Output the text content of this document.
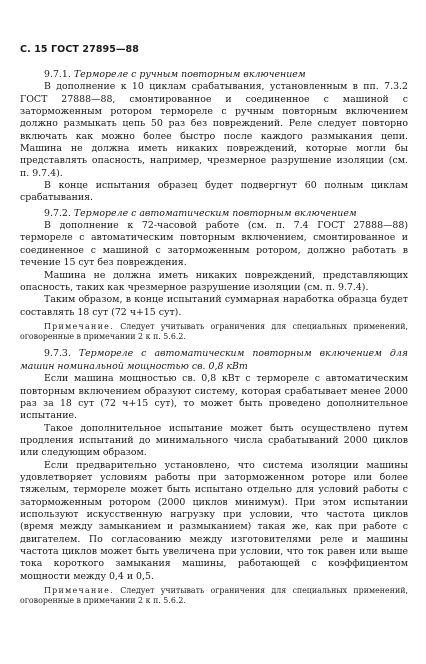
С. 15 ГОСТ 27895—88

9.7.1. Термореле с ручным повторным включением

В дополнение к 10 циклам срабатывания, установленным в пп. 7.3.2 ГОСТ 27888—88, смонтированное и соединенное с машиной с заторможенным ротором термореле с ручным повторным включением должно размыкать цепь 50 раз без повреждений. Реле следует повторно включать как можно более быстро после каждого размыкания цепи. Машина не должна иметь никаких повреждений, которые могли бы представлять опасность, например, чрезмерное разрушение изоляции (см. п. 9.7.4).

В конце испытания образец будет подвергнут 60 полным циклам срабатывания.

9.7.2. Термореле с автоматическим повторным включением

В дополнение к 72-часовой работе (см. п. 7.4 ГОСТ 27888—88) термореле с автоматическим повторным включением, смонтированное и соединенное с машиной с заторможенным ротором, должно работать в течение 15 сут без повреждения.

Машина не должна иметь никаких повреждений, представляющих опасность, таких как чрезмерное разрушение изоляции (см. п. 9.7.4).

Таким образом, в конце испытаний суммарная наработка образца будет составлять 18 сут (72 ч+15 сут).

Примечание. Следует учитывать ограничения для специальных применений, оговоренные в примечании 2 к п. 5.6.2.

9.7.3. Термореле с автоматическим повторным включением для машин номинальной мощностью св. 0,8 кВт

Если машина мощностью св. 0,8 кВт с термореле с автоматическим повторным включением образуют систему, которая срабатывает менее 2000 раз за 18 сут (72 ч+15 сут), то может быть проведено дополнительное испытание.

Такое дополнительное испытание может быть осуществлено путем продления испытаний до минимального числа срабатываний 2000 циклов или следующим образом.

Если предварительно установлено, что система изоляции машины удовлетворяет условиям работы при заторможенном роторе или более тяжелым, термореле может быть испытано отдельно для условий работы с заторможенным ротором (2000 циклов минимум). При этом испытании используют искусственную нагрузку при условии, что частота циклов (время между замыканием и размыканием) такая же, как при работе с двигателем. По согласованию между изготовителями реле и машины частота циклов может быть увеличена при условии, что ток равен или выше тока короткого замыкания машины, работающей с коэффициентом мощности между 0,4 и 0,5.

Примечание. Следует учитывать ограничения для специальных применений, оговоренные в примечании 2 к п. 5.6.2.
